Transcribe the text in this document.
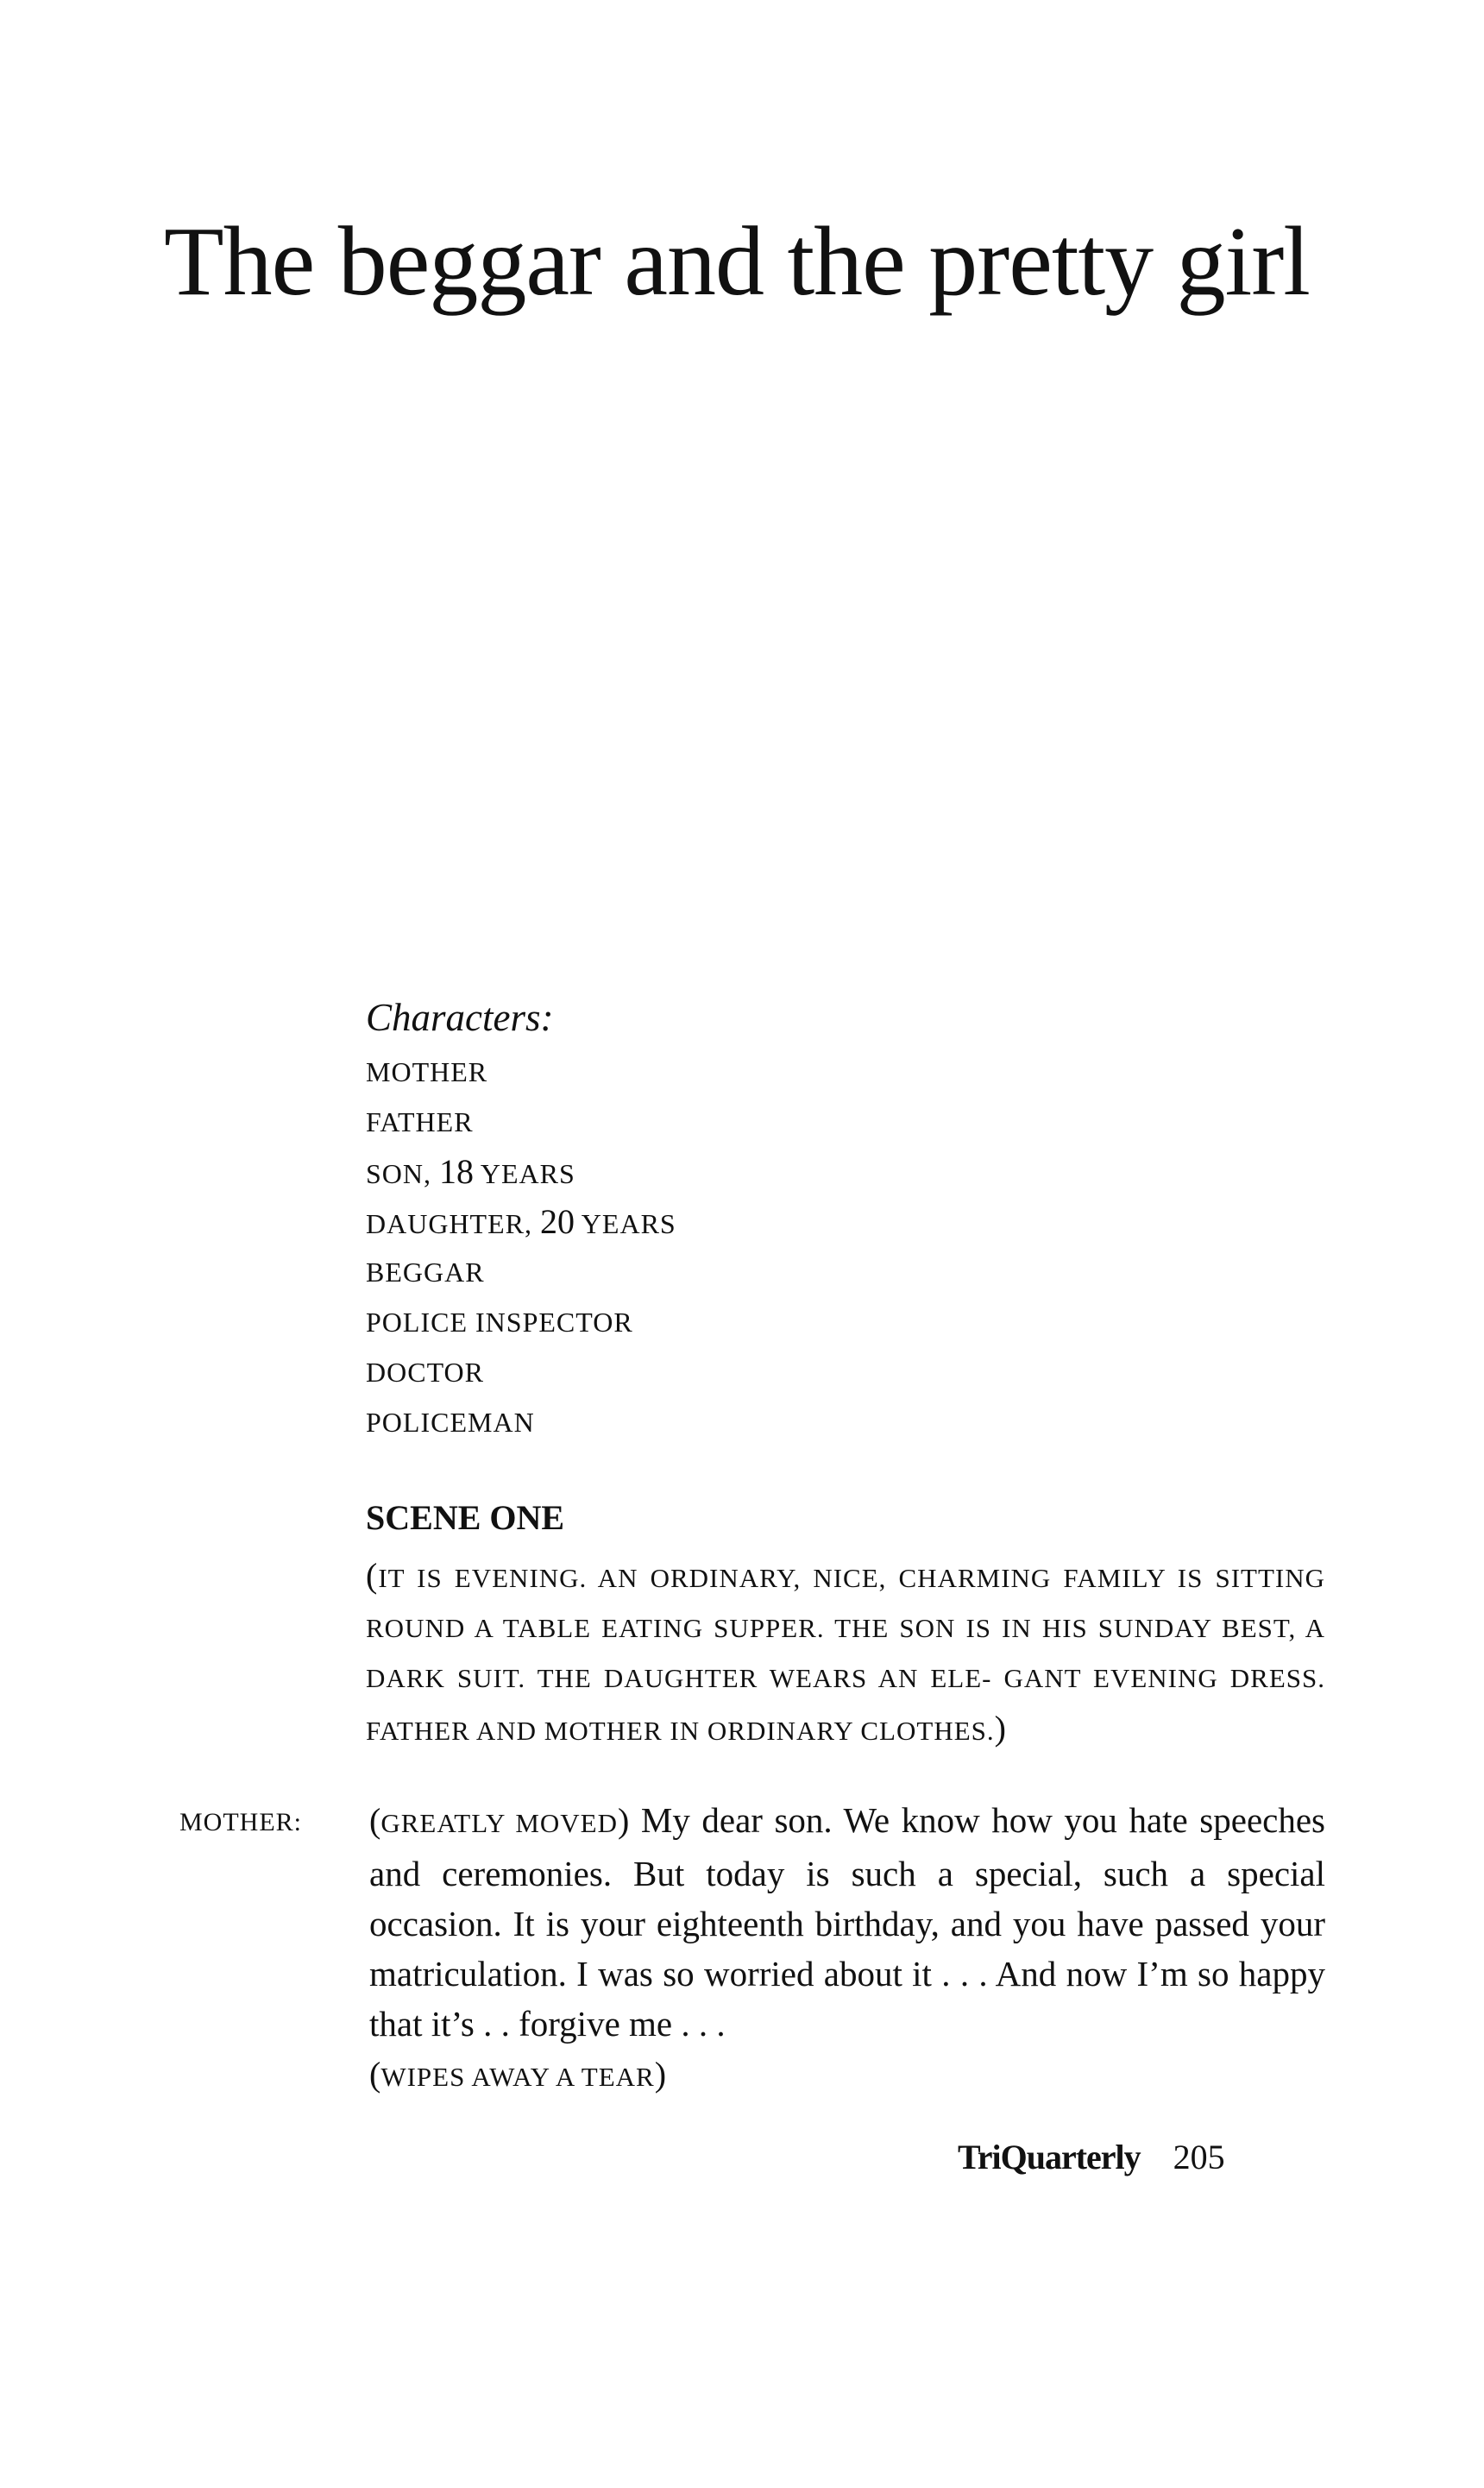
The beggar and the pretty girl
Characters:
MOTHER
FATHER
SON, 18 YEARS
DAUGHTER, 20 YEARS
BEGGAR
POLICE INSPECTOR
DOCTOR
POLICEMAN
SCENE ONE

(IT IS EVENING. AN ORDINARY, NICE, CHARMING FAMILY IS SITTING ROUND A TABLE EATING SUPPER. THE SON IS IN HIS SUNDAY BEST, A DARK SUIT. THE DAUGHTER WEARS AN ELE- GANT EVENING DRESS. FATHER AND MOTHER IN ORDINARY CLOTHES.)

MOTHER: (GREATLY MOVED) My dear son. We know how you hate speeches and ceremonies. But today is such a special, such a special occasion. It is your eighteenth birthday, and you have passed your matriculation. I was so worried about it . . . And now I’m so happy that it’s . . forgive me . . .
(WIPES AWAY A TEAR)

TriQuarterly 205
